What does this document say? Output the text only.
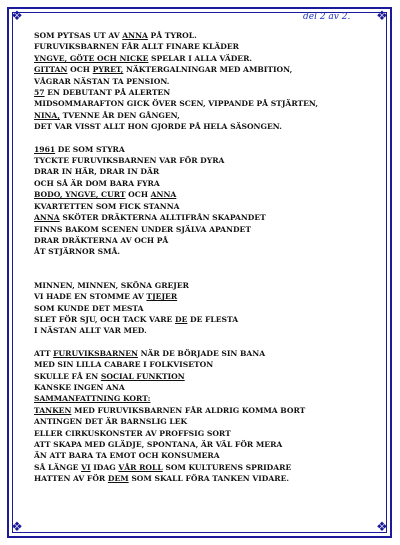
❖	❖
❖	❖
del 2 av 2.
SOM PYTSAS UT AV ANNA PÅ TYROL.
FURUVIKSBARNEN FÅR ALLT FINARE KLÄDER
YNGVE, GÖTE OCH NICKE SPELAR I ALLA VÄDER.
GITTAN OCH PYRET, NÄKTERGALNINGAR MED AMBITION,
VÅGRAR NÄSTAN TA PENSION.
57 EN DEBUTANT PÅ ALERTEN
MIDSOMMARAFTON GICK ÖVER SCEN, VIPPANDE PÅ STJÄRTEN,
NINA, TVENNE ÅR DEN GÅNGEN,
DET VAR VISST ALLT HON GJORDE PÅ HELA SÄSONGEN.
1961 DE SOM STYRA
TYCKTE FURUVIKSBARNEN VAR FÖR DYRA
DRAR IN HÄR, DRAR IN DÄR
OCH SÅ ÄR DOM BARA FYRA
BODO, YNGVE, CURT OCH ANNA
KVARTETTEN SOM FICK STANNA
ANNA SKÖTER DRÄKTERNA ALLTIFRÅN SKAPANDET
FINNS BAKOM SCENEN UNDER SJÄLVA APANDET
DRAR DRÄKTERNA AV OCH PÅ
ÅT STJÄRNOR SMÅ.
MINNEN, MINNEN, SKÖNA GREJER
VI HADE EN STOMME AV TJEJER
SOM KUNDE DET MESTA
SLET FÖR SJU, OCH TACK VARE DE DE FLESTA
I NÄSTAN ALLT VAR MED.
ATT FURUVIKSBARNEN NÄR DE BÖRJADE SIN BANA
MED SIN LILLA CABARE I FOLKVISETON
SKULLE FÅ EN SOCIAL FUNKTION
KANSKE INGEN ANA
SAMMANFATTNING KORT:
TANKEN MED FURUVIKSBARNEN FÅR ALDRIG KOMMA BORT
ANTINGEN DET ÄR BARNSLIG LEK
ELLER CIRKUSKONSTER AV PROFFSIG SORT
ATT SKAPA MED GLÄDJE, SPONTANA, ÄR VÄL FÖR MERA
ÄN ATT BARA TA EMOT OCH KONSUMERA
SÅ LÄNGE VI IDAG VÅR ROLL SOM KULTURENS SPRIDARE
HATTEN AV FÖR DEM SOM SKALL FÖRA TANKEN VIDARE.
